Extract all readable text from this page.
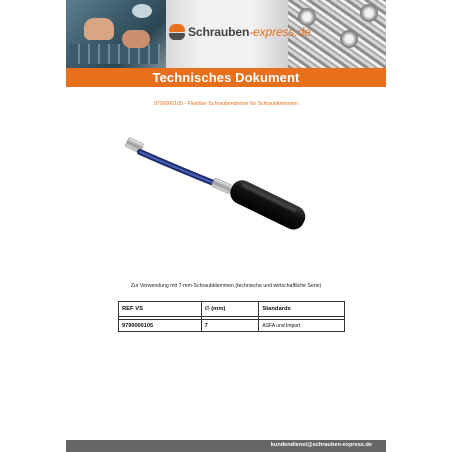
Schrauben-express.de
Technisches Dokument
9790000105 - Flexibler Schraubendreher für Schraubklemmen
Zur Verwendung mit 7-mm-Schraubklemmen (technische und wirtschaftliche Serie)
REF VS	∅ (mm)	Standards

9790000105	7	ASFA und Import
kundendienst@schrauben-express.de
